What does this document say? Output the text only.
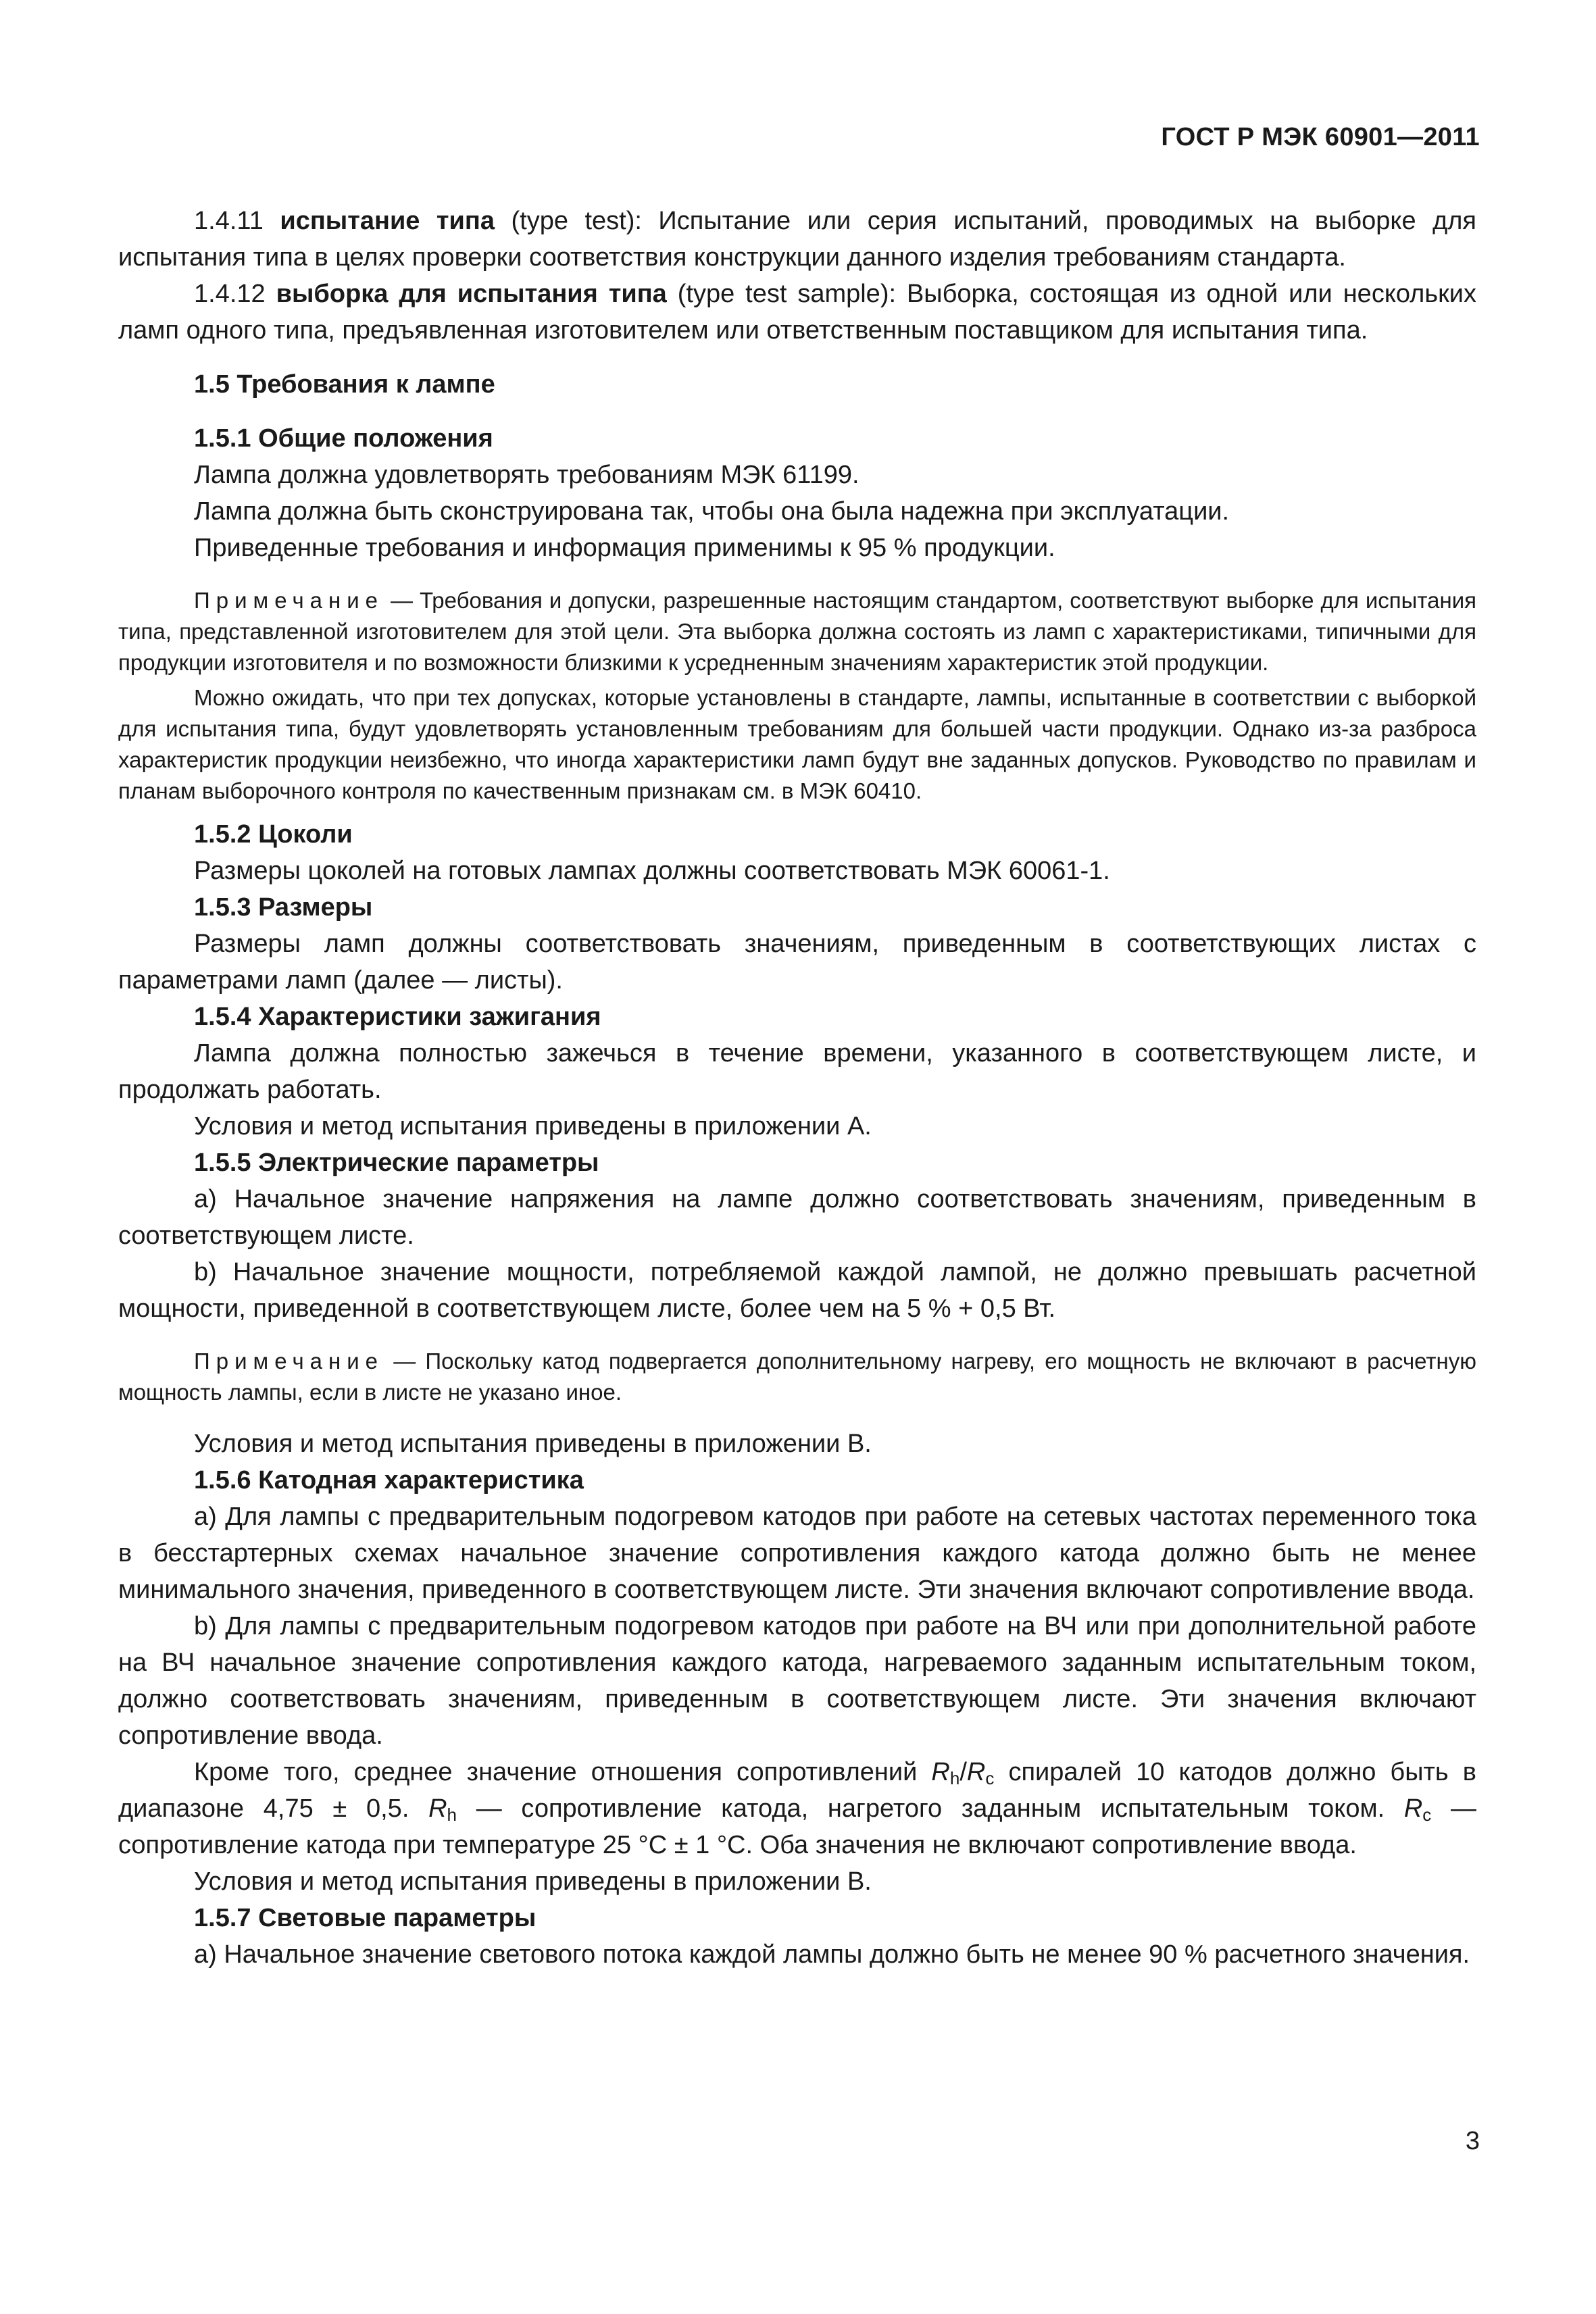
ГОСТ Р МЭК 60901—2011

1.4.11 испытание типа (type test): Испытание или серия испытаний, проводимых на выборке для испытания типа в целях проверки соответствия конструкции данного изделия требованиям стандарта.

1.4.12 выборка для испытания типа (type test sample): Выборка, состоящая из одной или нескольких ламп одного типа, предъявленная изготовителем или ответственным поставщиком для испытания типа.

1.5 Требования к лампе

1.5.1 Общие положения

Лампа должна удовлетворять требованиям МЭК 61199.

Лампа должна быть сконструирована так, чтобы она была надежна при эксплуатации.

Приведенные требования и информация применимы к 95 % продукции.

Примечание — Требования и допуски, разрешенные настоящим стандартом, соответствуют выборке для испытания типа, представленной изготовителем для этой цели. Эта выборка должна состоять из ламп с характеристиками, типичными для продукции изготовителя и по возможности близкими к усредненным значениям характеристик этой продукции.

Можно ожидать, что при тех допусках, которые установлены в стандарте, лампы, испытанные в соответствии с выборкой для испытания типа, будут удовлетворять установленным требованиям для большей части продукции. Однако из-за разброса характеристик продукции неизбежно, что иногда характеристики ламп будут вне заданных допусков. Руководство по правилам и планам выборочного контроля по качественным признакам см. в МЭК 60410.

1.5.2 Цоколи

Размеры цоколей на готовых лампах должны соответствовать МЭК 60061-1.

1.5.3 Размеры

Размеры ламп должны соответствовать значениям, приведенным в соответствующих листах с параметрами ламп (далее — листы).

1.5.4 Характеристики зажигания

Лампа должна полностью зажечься в течение времени, указанного в соответствующем листе, и продолжать работать.

Условия и метод испытания приведены в приложении А.

1.5.5 Электрические параметры

а) Начальное значение напряжения на лампе должно соответствовать значениям, приведенным в соответствующем листе.

b) Начальное значение мощности, потребляемой каждой лампой, не должно превышать расчетной мощности, приведенной в соответствующем листе, более чем на 5 % + 0,5 Вт.

Примечание — Поскольку катод подвергается дополнительному нагреву, его мощность не включают в расчетную мощность лампы, если в листе не указано иное.

Условия и метод испытания приведены в приложении В.

1.5.6 Катодная характеристика

а) Для лампы с предварительным подогревом катодов при работе на сетевых частотах переменного тока в бесстартерных схемах начальное значение сопротивления каждого катода должно быть не менее минимального значения, приведенного в соответствующем листе. Эти значения включают сопротивление ввода.

b) Для лампы с предварительным подогревом катодов при работе на ВЧ или при дополнительной работе на ВЧ начальное значение сопротивления каждого катода, нагреваемого заданным испытательным током, должно соответствовать значениям, приведенным в соответствующем листе. Эти значения включают сопротивление ввода.

Кроме того, среднее значение отношения сопротивлений $R_h/R_c$ спиралей 10 катодов должно быть в диапазоне 4,75 ± 0,5. $R_h$ — сопротивление катода, нагретого заданным испытательным током. $R_c$ — сопротивление катода при температуре 25 °C ± 1 °C. Оба значения не включают сопротивление ввода.

Условия и метод испытания приведены в приложении В.

1.5.7 Световые параметры

а) Начальное значение светового потока каждой лампы должно быть не менее 90 % расчетного значения.

3
